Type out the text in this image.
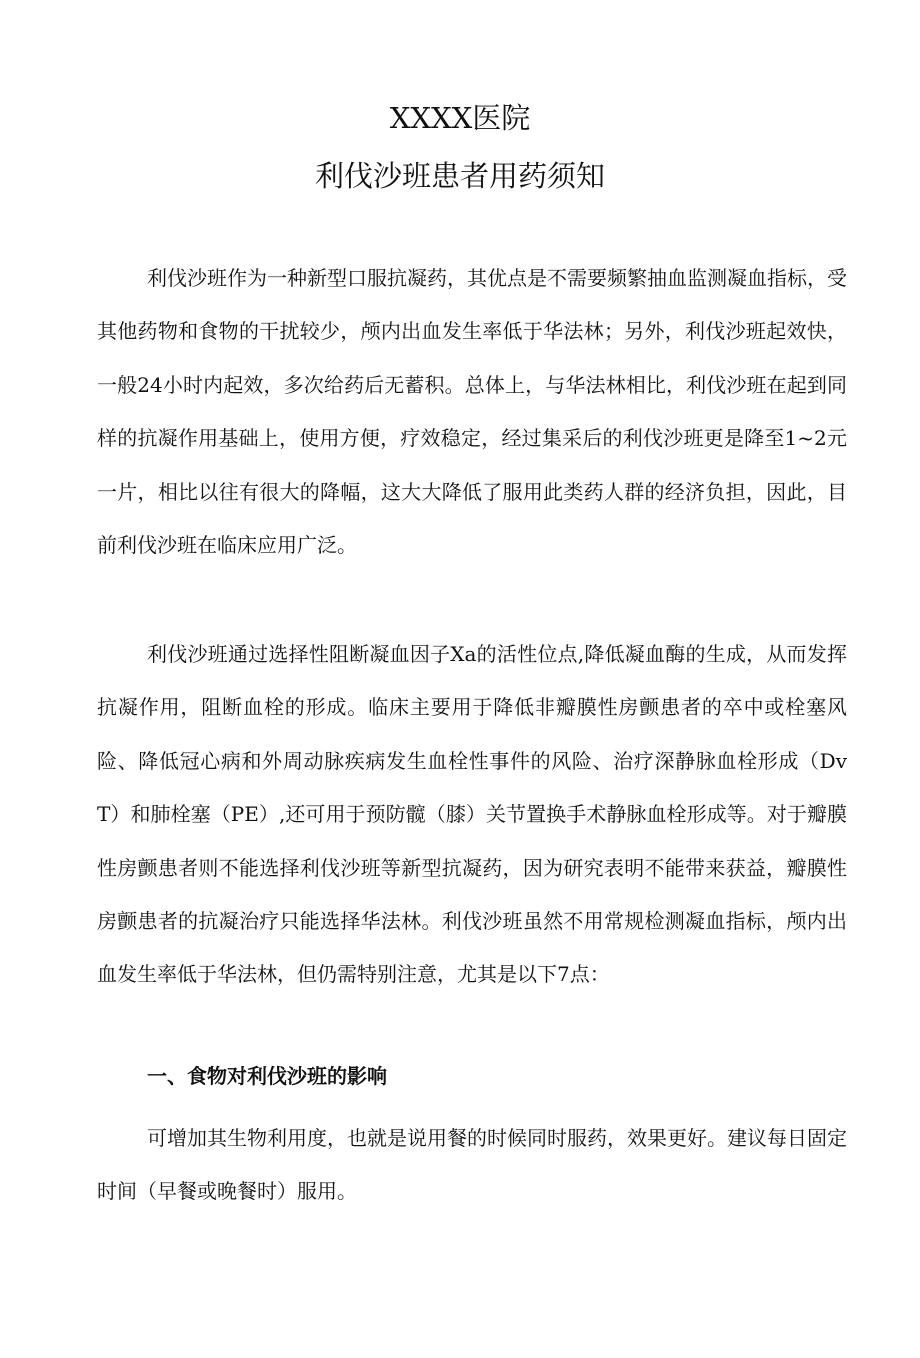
XXXX医院
利伐沙班患者用药须知

利伐沙班作为一种新型口服抗凝药，其优点是不需要频繁抽血监测凝血指标，受其他药物和食物的干扰较少，颅内出血发生率低于华法林；另外，利伐沙班起效快，一般24小时内起效，多次给药后无蓄积。总体上，与华法林相比，利伐沙班在起到同样的抗凝作用基础上，使用方便，疗效稳定，经过集采后的利伐沙班更是降至1~2元一片，相比以往有很大的降幅，这大大降低了服用此类药人群的经济负担，因此，目前利伐沙班在临床应用广泛。

利伐沙班通过选择性阻断凝血因子Xa的活性位点,降低凝血酶的生成，从而发挥抗凝作用，阻断血栓的形成。临床主要用于降低非瓣膜性房颤患者的卒中或栓塞风险、降低冠心病和外周动脉疾病发生血栓性事件的风险、治疗深静脉血栓形成（DvT）和肺栓塞（PE）,还可用于预防髋（膝）关节置换手术静脉血栓形成等。对于瓣膜性房颤患者则不能选择利伐沙班等新型抗凝药，因为研究表明不能带来获益，瓣膜性房颤患者的抗凝治疗只能选择华法林。利伐沙班虽然不用常规检测凝血指标，颅内出血发生率低于华法林，但仍需特别注意，尤其是以下7点：

一、食物对利伐沙班的影响

可增加其生物利用度，也就是说用餐的时候同时服药，效果更好。建议每日固定时间（早餐或晚餐时）服用。
